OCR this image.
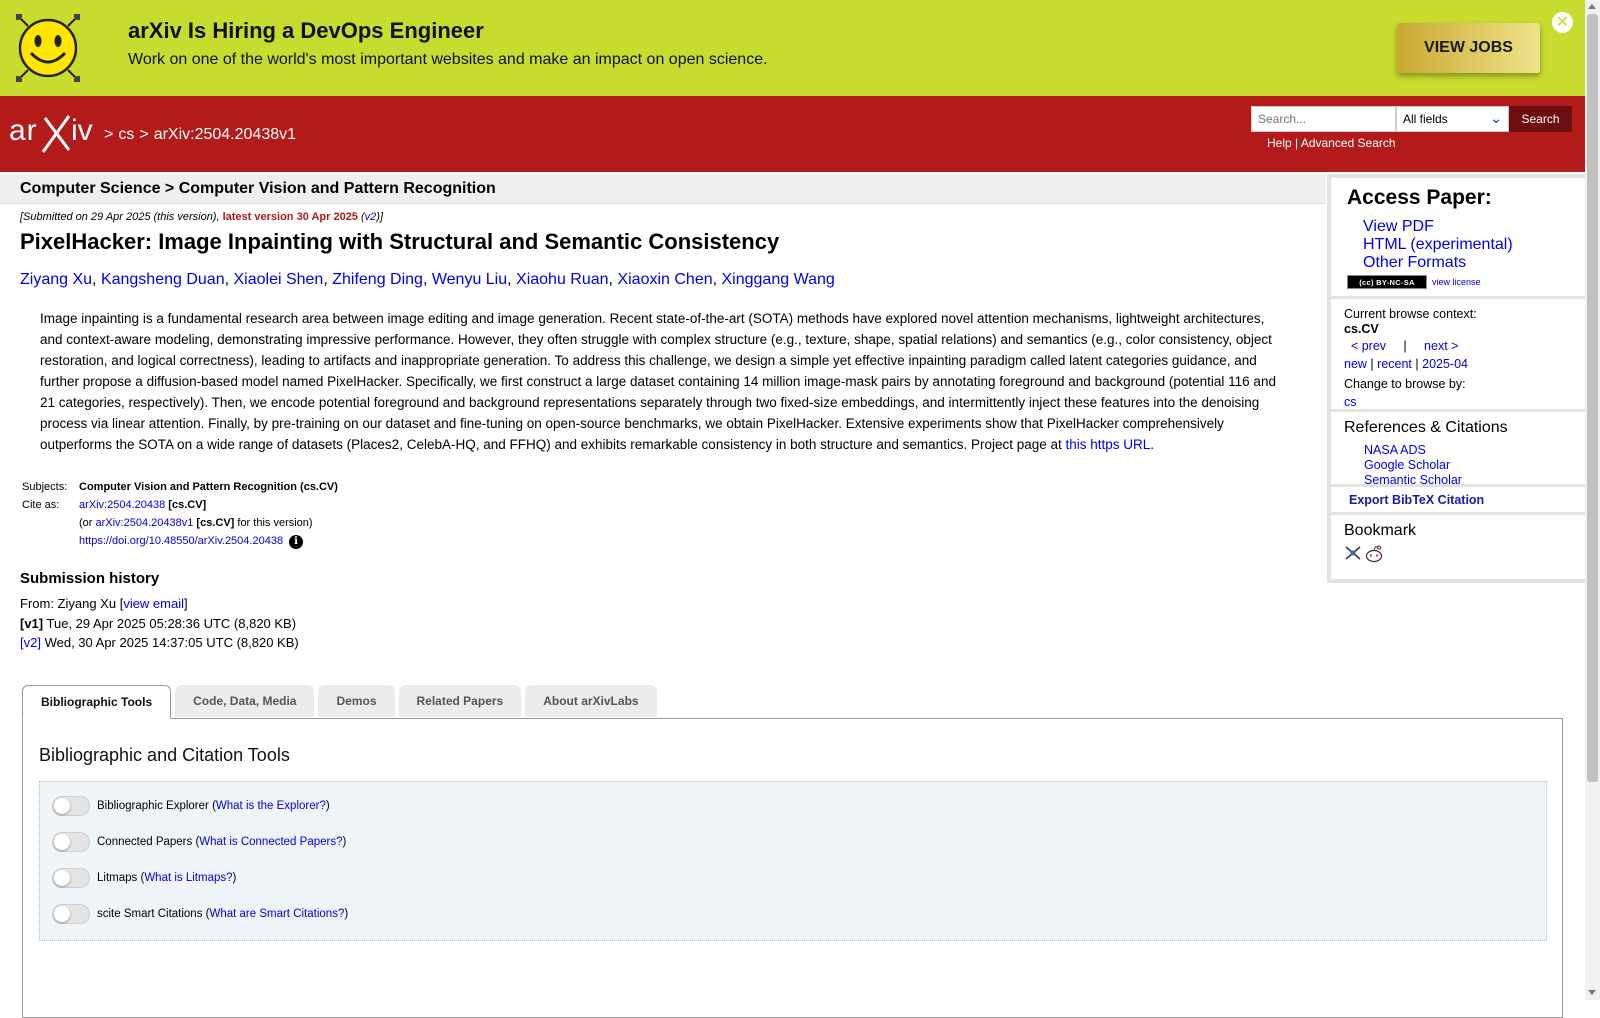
arXiv Is Hiring a DevOps Engineer
Work on one of the world's most important websites and make an impact on open science.
VIEW JOBS
✕
ar iv > cs > arXiv:2504.20438v1
Search...
All fields	⌄	Search
Help | Advanced Search
Computer Science > Computer Vision and Pattern Recognition
[Submitted on 29 Apr 2025 (this version), latest version 30 Apr 2025 (v2)]
PixelHacker: Image Inpainting with Structural and Semantic Consistency
Ziyang Xu, Kangsheng Duan, Xiaolei Shen, Zhifeng Ding, Wenyu Liu, Xiaohu Ruan, Xiaoxin Chen, Xinggang Wang
Image inpainting is a fundamental research area between image editing and image generation. Recent state-of-the-art (SOTA) methods have explored novel attention mechanisms, lightweight architectures, and context-aware modeling, demonstrating impressive performance. However, they often struggle with complex structure (e.g., texture, shape, spatial relations) and semantics (e.g., color consistency, object restoration, and logical correctness), leading to artifacts and inappropriate generation. To address this challenge, we design a simple yet effective inpainting paradigm called latent categories guidance, and further propose a diffusion-based model named PixelHacker. Specifically, we first construct a large dataset containing 14 million image-mask pairs by annotating foreground and background (potential 116 and 21 categories, respectively). Then, we encode potential foreground and background representations separately through two fixed-size embeddings, and intermittently inject these features into the denoising process via linear attention. Finally, by pre-training on our dataset and fine-tuning on open-source benchmarks, we obtain PixelHacker. Extensive experiments show that PixelHacker comprehensively outperforms the SOTA on a wide range of datasets (Places2, CelebA-HQ, and FFHQ) and exhibits remarkable consistency in both structure and semantics. Project page at this https URL.
Subjects:	Computer Vision and Pattern Recognition (cs.CV)
Cite as:	arXiv:2504.20438 [cs.CV]
	(or arXiv:2504.20438v1 [cs.CV] for this version)
	https://doi.org/10.48550/arXiv.2504.20438 i
Submission history
From: Ziyang Xu [view email]
[v1] Tue, 29 Apr 2025 05:28:36 UTC (8,820 KB)
[v2] Wed, 30 Apr 2025 14:37:05 UTC (8,820 KB)
Bibliographic Tools	Code, Data, Media	Demos	Related Papers	About arXivLabs
Bibliographic and Citation Tools
Bibliographic Explorer ( What is the Explorer? )
Connected Papers ( What is Connected Papers? )
Litmaps ( What is Litmaps? )
scite Smart Citations ( What are Smart Citations? )
Access Paper:
View PDF
HTML (experimental)
Other Formats
(cc) BY-NC-SA view license
Current browse context:
cs.CV
< prev | next >
new | recent | 2025-04
Change to browse by:
cs
References & Citations
NASA ADS
Google Scholar
Semantic Scholar
Export BibTeX Citation
Bookmark
